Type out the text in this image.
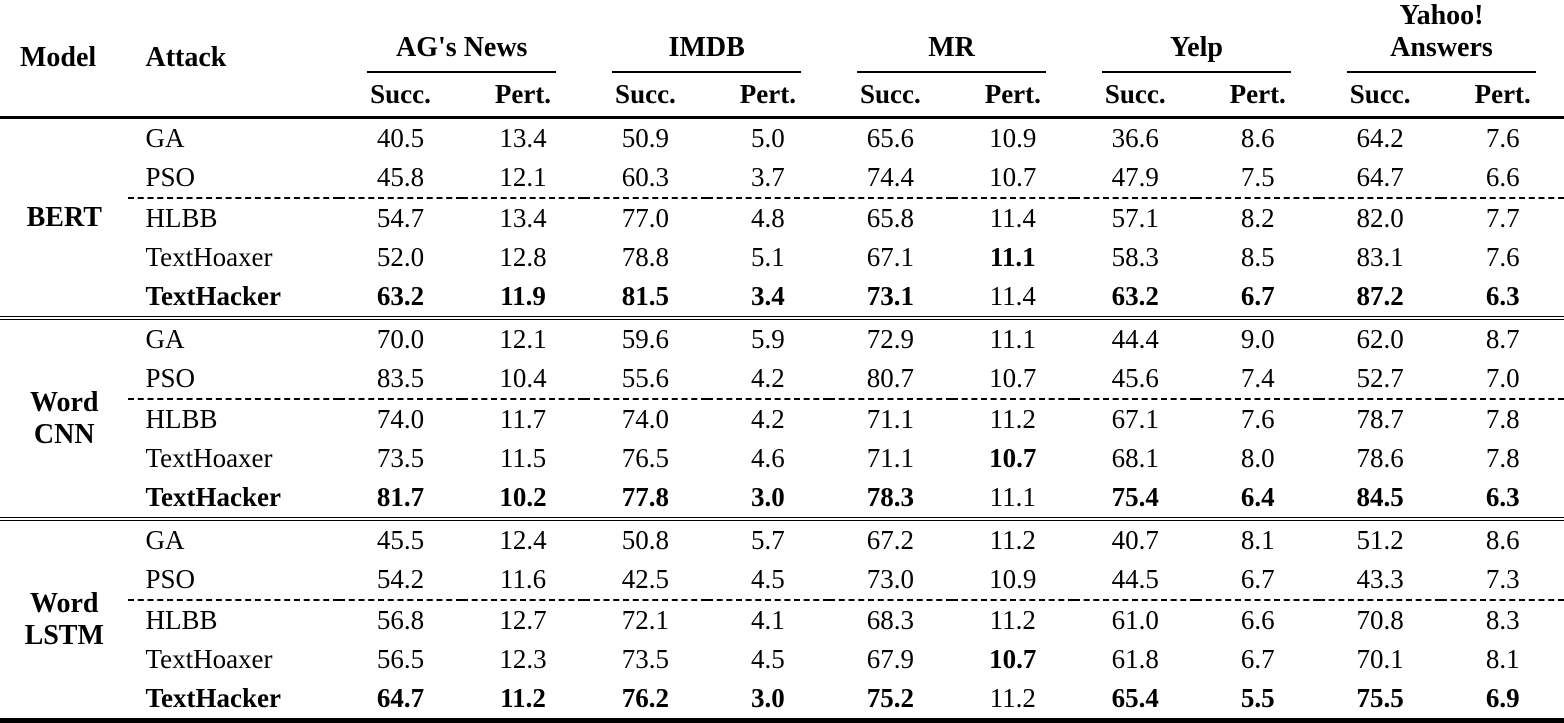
Model	Attack	AG's News		IMDB		MR		Yelp		Yahoo! Answers	

		Succ.	Pert.	Succ.	Pert.	Succ.	Pert.	Succ.	Pert.	Succ.	Pert.
BERT	GA	40.5	13.4	50.9	5.0	65.6	10.9	36.6	8.6	64.2	7.6
	PSO	45.8	12.1	60.3	3.7	74.4	10.7	47.9	7.5	64.7	6.6
	HLBB	54.7	13.4	77.0	4.8	65.8	11.4	57.1	8.2	82.0	7.7
	TextHoaxer	52.0	12.8	78.8	5.1	67.1	11.1	58.3	8.5	83.1	7.6
	TextHacker	63.2	11.9	81.5	3.4	73.1	11.4	63.2	6.7	87.2	6.3
Word
CNN	GA	70.0	12.1	59.6	5.9	72.9	11.1	44.4	9.0	62.0	8.7
	PSO	83.5	10.4	55.6	4.2	80.7	10.7	45.6	7.4	52.7	7.0
	HLBB	74.0	11.7	74.0	4.2	71.1	11.2	67.1	7.6	78.7	7.8
	TextHoaxer	73.5	11.5	76.5	4.6	71.1	10.7	68.1	8.0	78.6	7.8
	TextHacker	81.7	10.2	77.8	3.0	78.3	11.1	75.4	6.4	84.5	6.3
Word
LSTM	GA	45.5	12.4	50.8	5.7	67.2	11.2	40.7	8.1	51.2	8.6
	PSO	54.2	11.6	42.5	4.5	73.0	10.9	44.5	6.7	43.3	7.3
	HLBB	56.8	12.7	72.1	4.1	68.3	11.2	61.0	6.6	70.8	8.3
	TextHoaxer	56.5	12.3	73.5	4.5	67.9	10.7	61.8	6.7	70.1	8.1
	TextHacker	64.7	11.2	76.2	3.0	75.2	11.2	65.4	5.5	75.5	6.9
